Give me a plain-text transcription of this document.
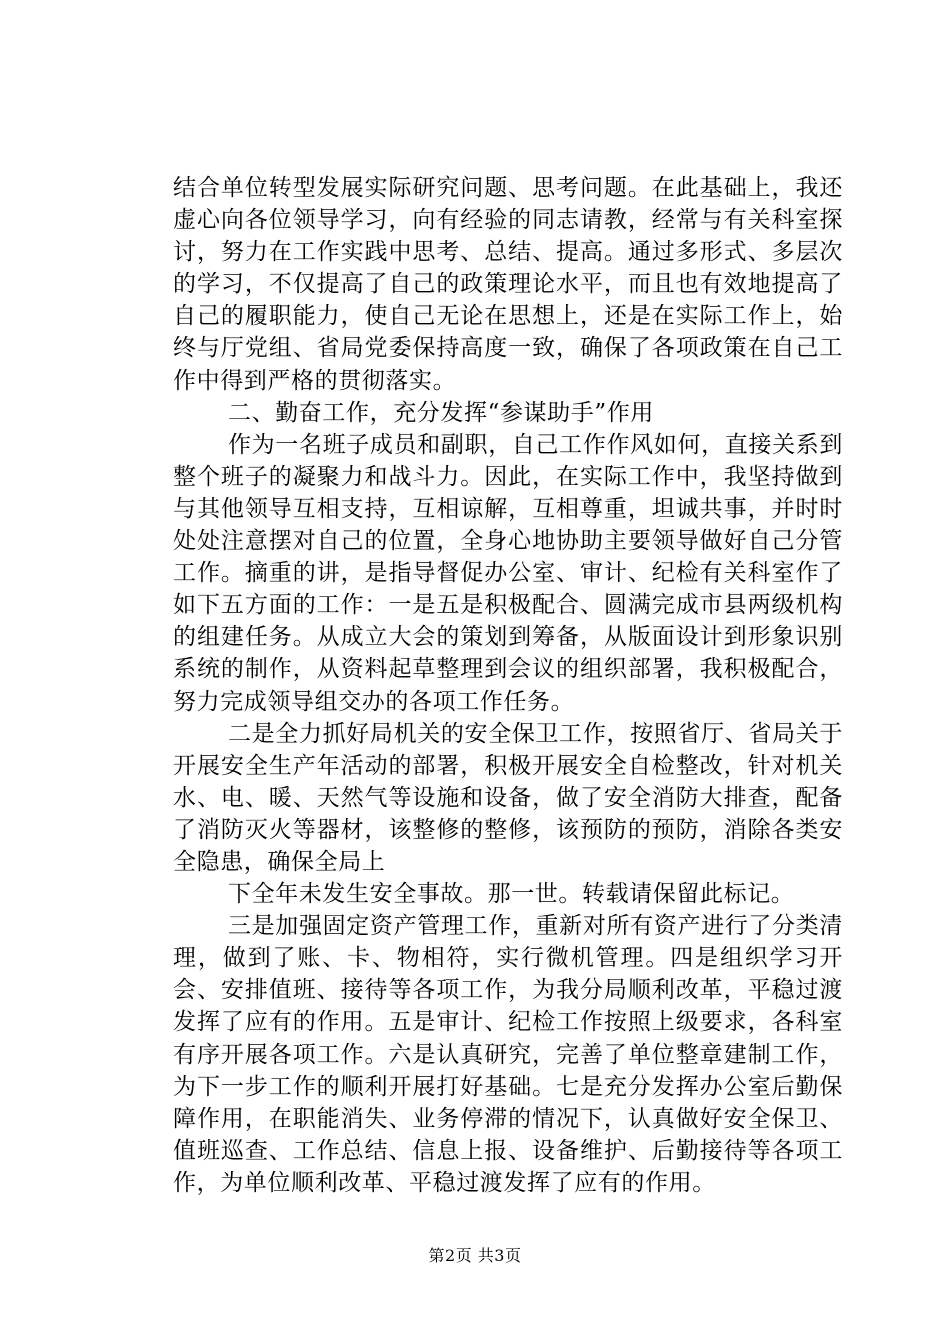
结合单位转型发展实际研究问题、思考问题。在此基础上，我还虚心向各位领导学习，向有经验的同志请教，经常与有关科室探讨，努力在工作实践中思考、总结、提高。通过多形式、多层次的学习，不仅提高了自己的政策理论水平，而且也有效地提高了自己的履职能力，使自己无论在思想上，还是在实际工作上，始终与厅党组、省局党委保持高度一致，确保了各项政策在自己工作中得到严格的贯彻落实。

二、勤奋工作，充分发挥“参谋助手”作用

作为一名班子成员和副职，自己工作作风如何，直接关系到整个班子的凝聚力和战斗力。因此，在实际工作中，我坚持做到与其他领导互相支持，互相谅解，互相尊重，坦诚共事，并时时处处注意摆对自己的位置，全身心地协助主要领导做好自己分管工作。摘重的讲，是指导督促办公室、审计、纪检有关科室作了如下五方面的工作：一是五是积极配合、圆满完成市县两级机构的组建任务。从成立大会的策划到筹备，从版面设计到形象识别系统的制作，从资料起草整理到会议的组织部署，我积极配合，努力完成领导组交办的各项工作任务。

二是全力抓好局机关的安全保卫工作，按照省厅、省局关于开展安全生产年活动的部署，积极开展安全自检整改，针对机关水、电、暖、天然气等设施和设备，做了安全消防大排查，配备了消防灭火等器材，该整修的整修，该预防的预防，消除各类安全隐患，确保全局上

下全年未发生安全事故。那一世。转载请保留此标记。

三是加强固定资产管理工作，重新对所有资产进行了分类清理，做到了账、卡、物相符，实行微机管理。四是组织学习开会、安排值班、接待等各项工作，为我分局顺利改革，平稳过渡发挥了应有的作用。五是审计、纪检工作按照上级要求，各科室有序开展各项工作。六是认真研究，完善了单位整章建制工作，为下一步工作的顺利开展打好基础。七是充分发挥办公室后勤保障作用，在职能消失、业务停滞的情况下，认真做好安全保卫、值班巡查、工作总结、信息上报、设备维护、后勤接待等各项工作，为单位顺利改革、平稳过渡发挥了应有的作用。

第2页 共3页
